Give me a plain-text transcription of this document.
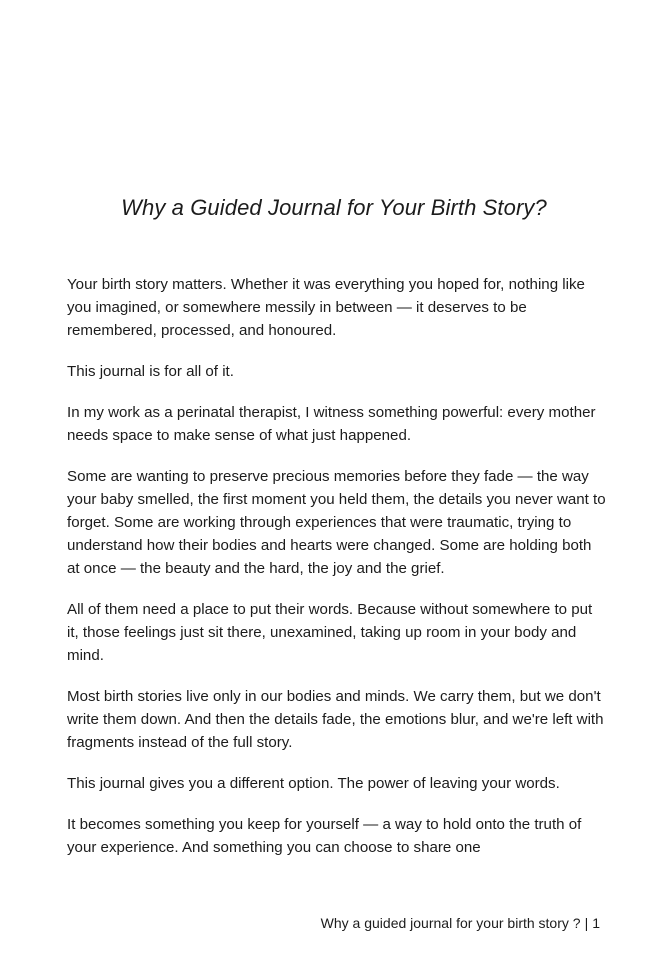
Why a Guided Journal for Your Birth Story?

Your birth story matters. Whether it was everything you hoped for, nothing like you imagined, or somewhere messily in between — it deserves to be remembered, processed, and honoured.

This journal is for all of it.

In my work as a perinatal therapist, I witness something powerful: every mother needs space to make sense of what just happened.

Some are wanting to preserve precious memories before they fade — the way your baby smelled, the first moment you held them, the details you never want to forget. Some are working through experiences that were traumatic, trying to understand how their bodies and hearts were changed. Some are holding both at once — the beauty and the hard, the joy and the grief.

All of them need a place to put their words. Because without somewhere to put it, those feelings just sit there, unexamined, taking up room in your body and mind.

Most birth stories live only in our bodies and minds. We carry them, but we don't write them down. And then the details fade, the emotions blur, and we're left with fragments instead of the full story.

This journal gives you a different option. The power of leaving your words.

It becomes something you keep for yourself — a way to hold onto the truth of your experience. And something you can choose to share one

Why a guided journal for your birth story ? | 1
